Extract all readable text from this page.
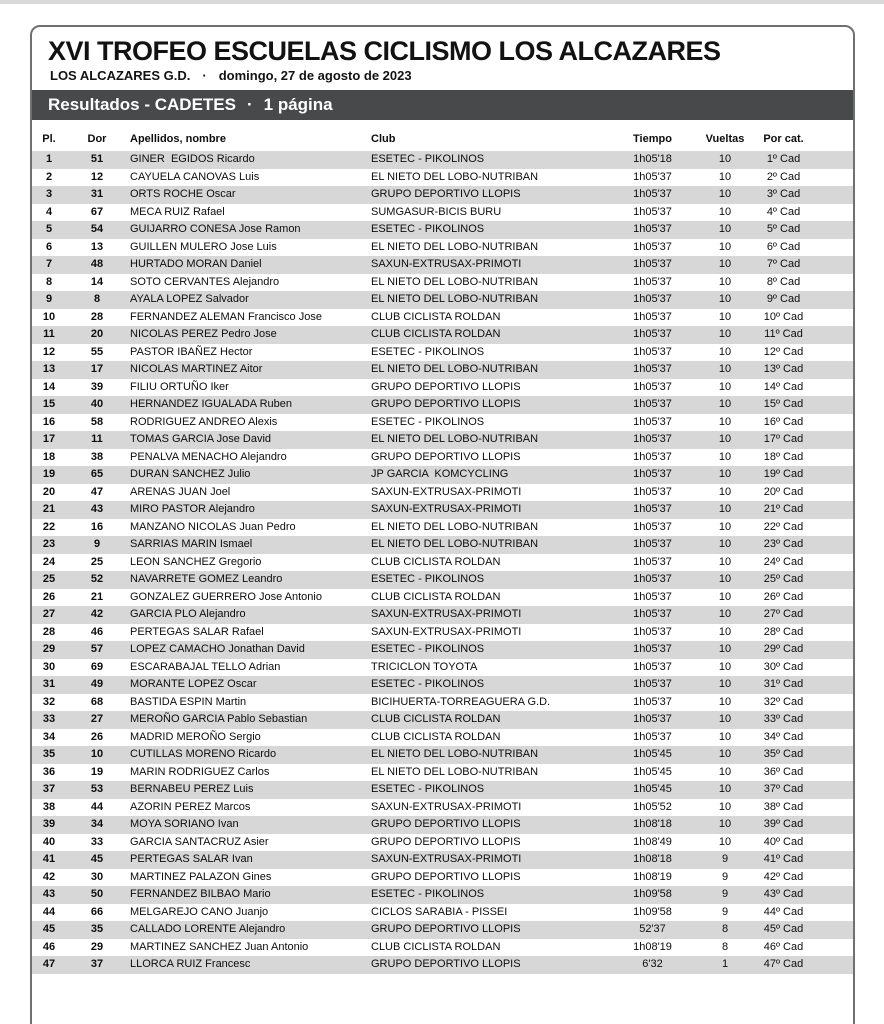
XVI TROFEO ESCUELAS CICLISMO LOS ALCAZARES
LOS ALCAZARES G.D. · domingo, 27 de agosto de 2023
Resultados - CADETES · 1 página
Pl.	Dor	Apellidos, nombre	Club	Tiempo	Vueltas	Por cat.
1	51	GINER  EGIDOS Ricardo	ESETEC - PIKOLINOS	1h05'18	10	1º Cad
2	12	CAYUELA CANOVAS Luis	EL NIETO DEL LOBO-NUTRIBAN	1h05'37	10	2º Cad
3	31	ORTS ROCHE Oscar	GRUPO DEPORTIVO LLOPIS	1h05'37	10	3º Cad
4	67	MECA RUIZ Rafael	SUMGASUR-BICIS BURU	1h05'37	10	4º Cad
5	54	GUIJARRO CONESA Jose Ramon	ESETEC - PIKOLINOS	1h05'37	10	5º Cad
6	13	GUILLEN MULERO Jose Luis	EL NIETO DEL LOBO-NUTRIBAN	1h05'37	10	6º Cad
7	48	HURTADO MORAN Daniel	SAXUN-EXTRUSAX-PRIMOTI	1h05'37	10	7º Cad
8	14	SOTO CERVANTES Alejandro	EL NIETO DEL LOBO-NUTRIBAN	1h05'37	10	8º Cad
9	8	AYALA LOPEZ Salvador	EL NIETO DEL LOBO-NUTRIBAN	1h05'37	10	9º Cad
10	28	FERNANDEZ ALEMAN Francisco Jose	CLUB CICLISTA ROLDAN	1h05'37	10	10º Cad
11	20	NICOLAS PEREZ Pedro Jose	CLUB CICLISTA ROLDAN	1h05'37	10	11º Cad
12	55	PASTOR IBAÑEZ Hector	ESETEC - PIKOLINOS	1h05'37	10	12º Cad
13	17	NICOLAS MARTINEZ Aitor	EL NIETO DEL LOBO-NUTRIBAN	1h05'37	10	13º Cad
14	39	FILIU ORTUÑO Iker	GRUPO DEPORTIVO LLOPIS	1h05'37	10	14º Cad
15	40	HERNANDEZ IGUALADA Ruben	GRUPO DEPORTIVO LLOPIS	1h05'37	10	15º Cad
16	58	RODRIGUEZ ANDREO Alexis	ESETEC - PIKOLINOS	1h05'37	10	16º Cad
17	11	TOMAS GARCIA Jose David	EL NIETO DEL LOBO-NUTRIBAN	1h05'37	10	17º Cad
18	38	PENALVA MENACHO Alejandro	GRUPO DEPORTIVO LLOPIS	1h05'37	10	18º Cad
19	65	DURAN SANCHEZ Julio	JP GARCIA  KOMCYCLING	1h05'37	10	19º Cad
20	47	ARENAS JUAN Joel	SAXUN-EXTRUSAX-PRIMOTI	1h05'37	10	20º Cad
21	43	MIRO PASTOR Alejandro	SAXUN-EXTRUSAX-PRIMOTI	1h05'37	10	21º Cad
22	16	MANZANO NICOLAS Juan Pedro	EL NIETO DEL LOBO-NUTRIBAN	1h05'37	10	22º Cad
23	9	SARRIAS MARIN Ismael	EL NIETO DEL LOBO-NUTRIBAN	1h05'37	10	23º Cad
24	25	LEON SANCHEZ Gregorio	CLUB CICLISTA ROLDAN	1h05'37	10	24º Cad
25	52	NAVARRETE GOMEZ Leandro	ESETEC - PIKOLINOS	1h05'37	10	25º Cad
26	21	GONZALEZ GUERRERO Jose Antonio	CLUB CICLISTA ROLDAN	1h05'37	10	26º Cad
27	42	GARCIA PLO Alejandro	SAXUN-EXTRUSAX-PRIMOTI	1h05'37	10	27º Cad
28	46	PERTEGAS SALAR Rafael	SAXUN-EXTRUSAX-PRIMOTI	1h05'37	10	28º Cad
29	57	LOPEZ CAMACHO Jonathan David	ESETEC - PIKOLINOS	1h05'37	10	29º Cad
30	69	ESCARABAJAL TELLO Adrian	TRICICLON TOYOTA	1h05'37	10	30º Cad
31	49	MORANTE LOPEZ Oscar	ESETEC - PIKOLINOS	1h05'37	10	31º Cad
32	68	BASTIDA ESPIN Martin	BICIHUERTA-TORREAGUERA G.D.	1h05'37	10	32º Cad
33	27	MEROÑO GARCIA Pablo Sebastian	CLUB CICLISTA ROLDAN	1h05'37	10	33º Cad
34	26	MADRID MEROÑO Sergio	CLUB CICLISTA ROLDAN	1h05'37	10	34º Cad
35	10	CUTILLAS MORENO Ricardo	EL NIETO DEL LOBO-NUTRIBAN	1h05'45	10	35º Cad
36	19	MARIN RODRIGUEZ Carlos	EL NIETO DEL LOBO-NUTRIBAN	1h05'45	10	36º Cad
37	53	BERNABEU PEREZ Luis	ESETEC - PIKOLINOS	1h05'45	10	37º Cad
38	44	AZORIN PEREZ Marcos	SAXUN-EXTRUSAX-PRIMOTI	1h05'52	10	38º Cad
39	34	MOYA SORIANO Ivan	GRUPO DEPORTIVO LLOPIS	1h08'18	10	39º Cad
40	33	GARCIA SANTACRUZ Asier	GRUPO DEPORTIVO LLOPIS	1h08'49	10	40º Cad
41	45	PERTEGAS SALAR Ivan	SAXUN-EXTRUSAX-PRIMOTI	1h08'18	9	41º Cad
42	30	MARTINEZ PALAZON Gines	GRUPO DEPORTIVO LLOPIS	1h08'19	9	42º Cad
43	50	FERNANDEZ BILBAO Mario	ESETEC - PIKOLINOS	1h09'58	9	43º Cad
44	66	MELGAREJO CANO Juanjo	CICLOS SARABIA - PISSEI	1h09'58	9	44º Cad
45	35	CALLADO LORENTE Alejandro	GRUPO DEPORTIVO LLOPIS	52'37	8	45º Cad
46	29	MARTINEZ SANCHEZ Juan Antonio	CLUB CICLISTA ROLDAN	1h08'19	8	46º Cad
47	37	LLORCA RUIZ Francesc	GRUPO DEPORTIVO LLOPIS	6'32	1	47º Cad
